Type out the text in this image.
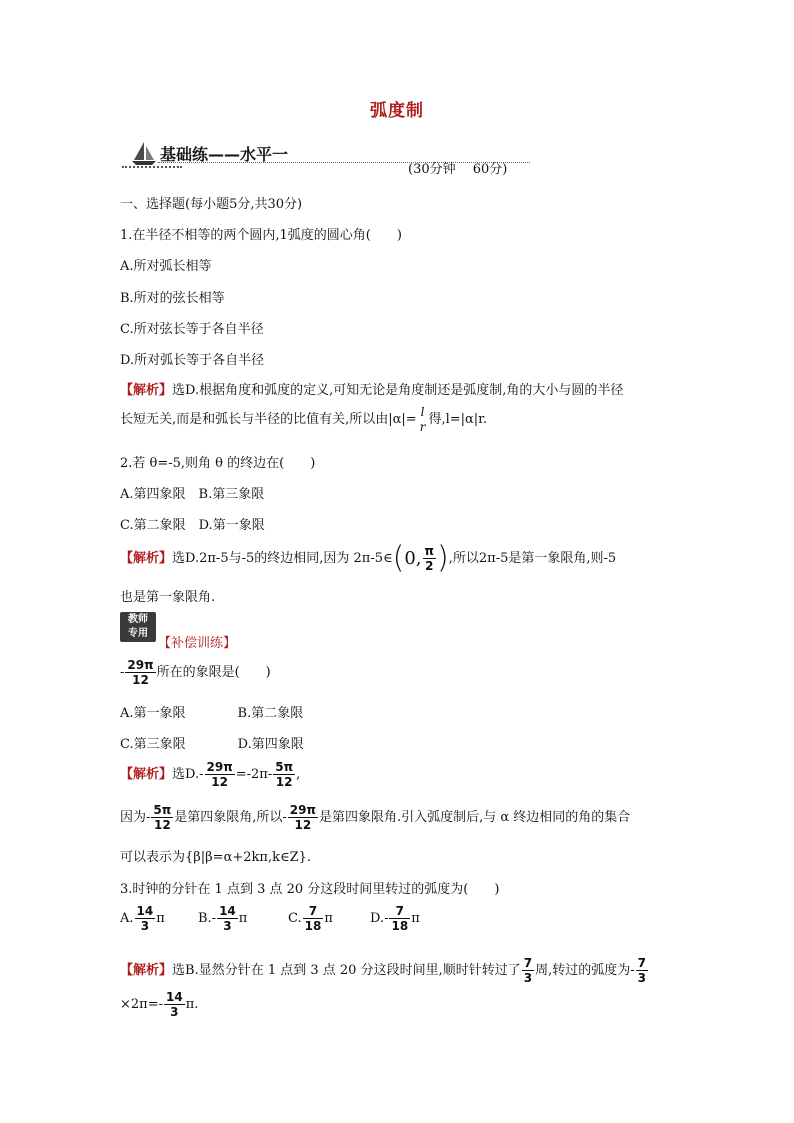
弧度制
基础练——水平一
(30分钟　 60分)
一、选择题(每小题5分,共30分)
1.在半径不相等的两个圆内,1弧度的圆心角(　　)
A.所对弧长相等
B.所对的弦长相等
C.所对弦长等于各自半径
D.所对弧长等于各自半径
【解析】选D.根据角度和弧度的定义,可知无论是角度制还是弧度制,角的大小与圆的半径
长短无关,而是和弧长与半径的比值有关,所以由|α|= l
r 得,l=|α|r.
2.若 θ=-5,则角 θ 的终边在(　　)
A.第四象限　B.第三象限
C.第二象限　D.第一象限
【解析】选D.2π-5与-5的终边相同,因为 2π-5∈(0, $\frac{\pi}{2}$ ),所以2π-5是第一象限角,则-5
也是第一象限角.
教师
专用
【补偿训练】
- $\frac{29\pi}{12}$ 所在的象限是(　　)
A.第一象限　　　　B.第二象限
C.第三象限　　　　D.第四象限
【解析】选$D.- \frac{29\pi}{12} =-2\pi- \frac{5\pi}{12}$ ,
因为- $\frac{5\pi}{12}$ 是第四象限角,所以- $\frac{29\pi}{12}$ 是第四象限角.引入弧度制后,与 α 终边相同的角的集合
可以表示为{β|β=α+2kπ,k∈Z}.
3.时钟的分针在 1 点到 3 点 20 分这段时间里转过的弧度为(　　)
A. $\frac{14}{3}$ π	$B.- \frac{14}{3}$ π	C. $\frac{7}{18}$ π	$D.- \frac{7}{18}$ π
【解析】选B.显然分针在 1 点到 3 点 20 分这段时间里,顺时针转过了 $\frac{7}{3}$ 周,转过的弧度为- $\frac{7}{3}$
$\times 2\pi=- \frac{14}{3} \pi$.
